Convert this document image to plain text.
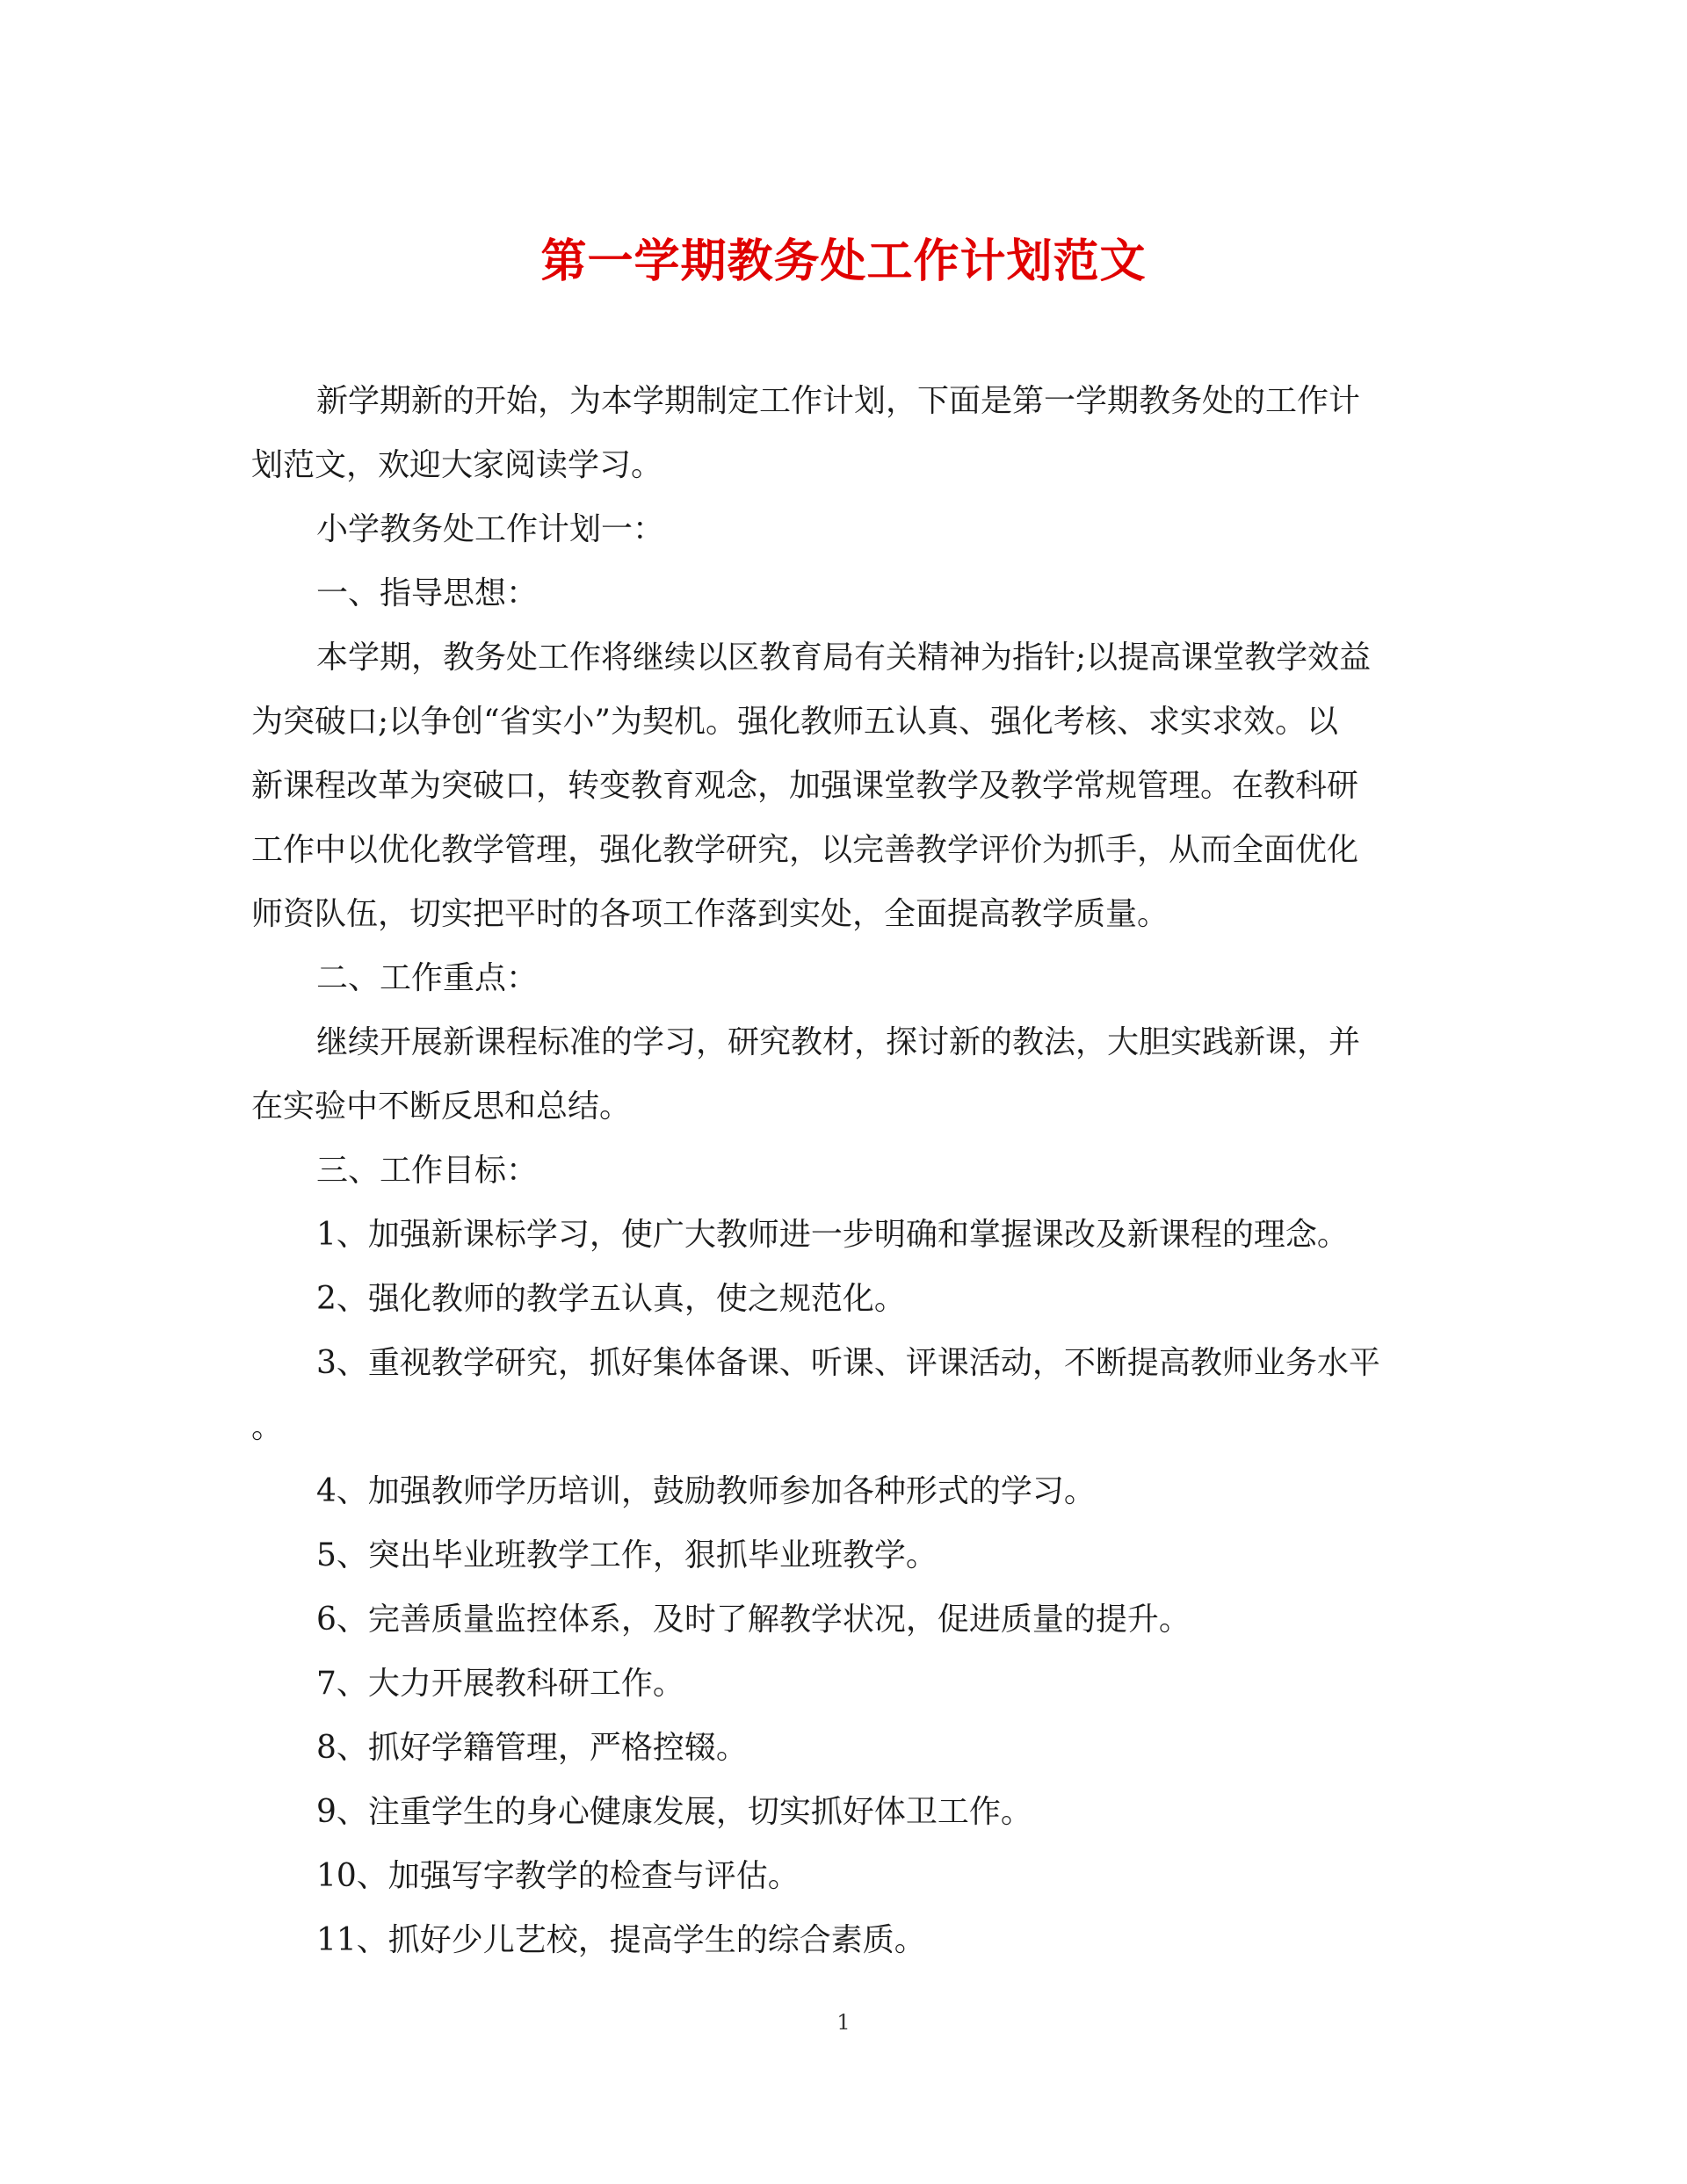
第一学期教务处工作计划范文
新学期新的开始，为本学期制定工作计划，下面是第一学期教务处的工作计
划范文，欢迎大家阅读学习。
小学教务处工作计划一：
一、指导思想：
本学期，教务处工作将继续以区教育局有关精神为指针;以提高课堂教学效益
为突破口;以争创“省实小”为契机。强化教师五认真、强化考核、求实求效。以
新课程改革为突破口，转变教育观念，加强课堂教学及教学常规管理。在教科研
工作中以优化教学管理，强化教学研究，以完善教学评价为抓手，从而全面优化
师资队伍，切实把平时的各项工作落到实处，全面提高教学质量。
二、工作重点：
继续开展新课程标准的学习，研究教材，探讨新的教法，大胆实践新课，并
在实验中不断反思和总结。
三、工作目标：
1、加强新课标学习，使广大教师进一步明确和掌握课改及新课程的理念。
2、强化教师的教学五认真，使之规范化。
3、重视教学研究，抓好集体备课、听课、评课活动，不断提高教师业务水平
。
4、加强教师学历培训，鼓励教师参加各种形式的学习。
5、突出毕业班教学工作，狠抓毕业班教学。
6、完善质量监控体系，及时了解教学状况，促进质量的提升。
7、大力开展教科研工作。
8、抓好学籍管理，严格控辍。
9、注重学生的身心健康发展，切实抓好体卫工作。
10、加强写字教学的检查与评估。
11、抓好少儿艺校，提高学生的综合素质。
1
